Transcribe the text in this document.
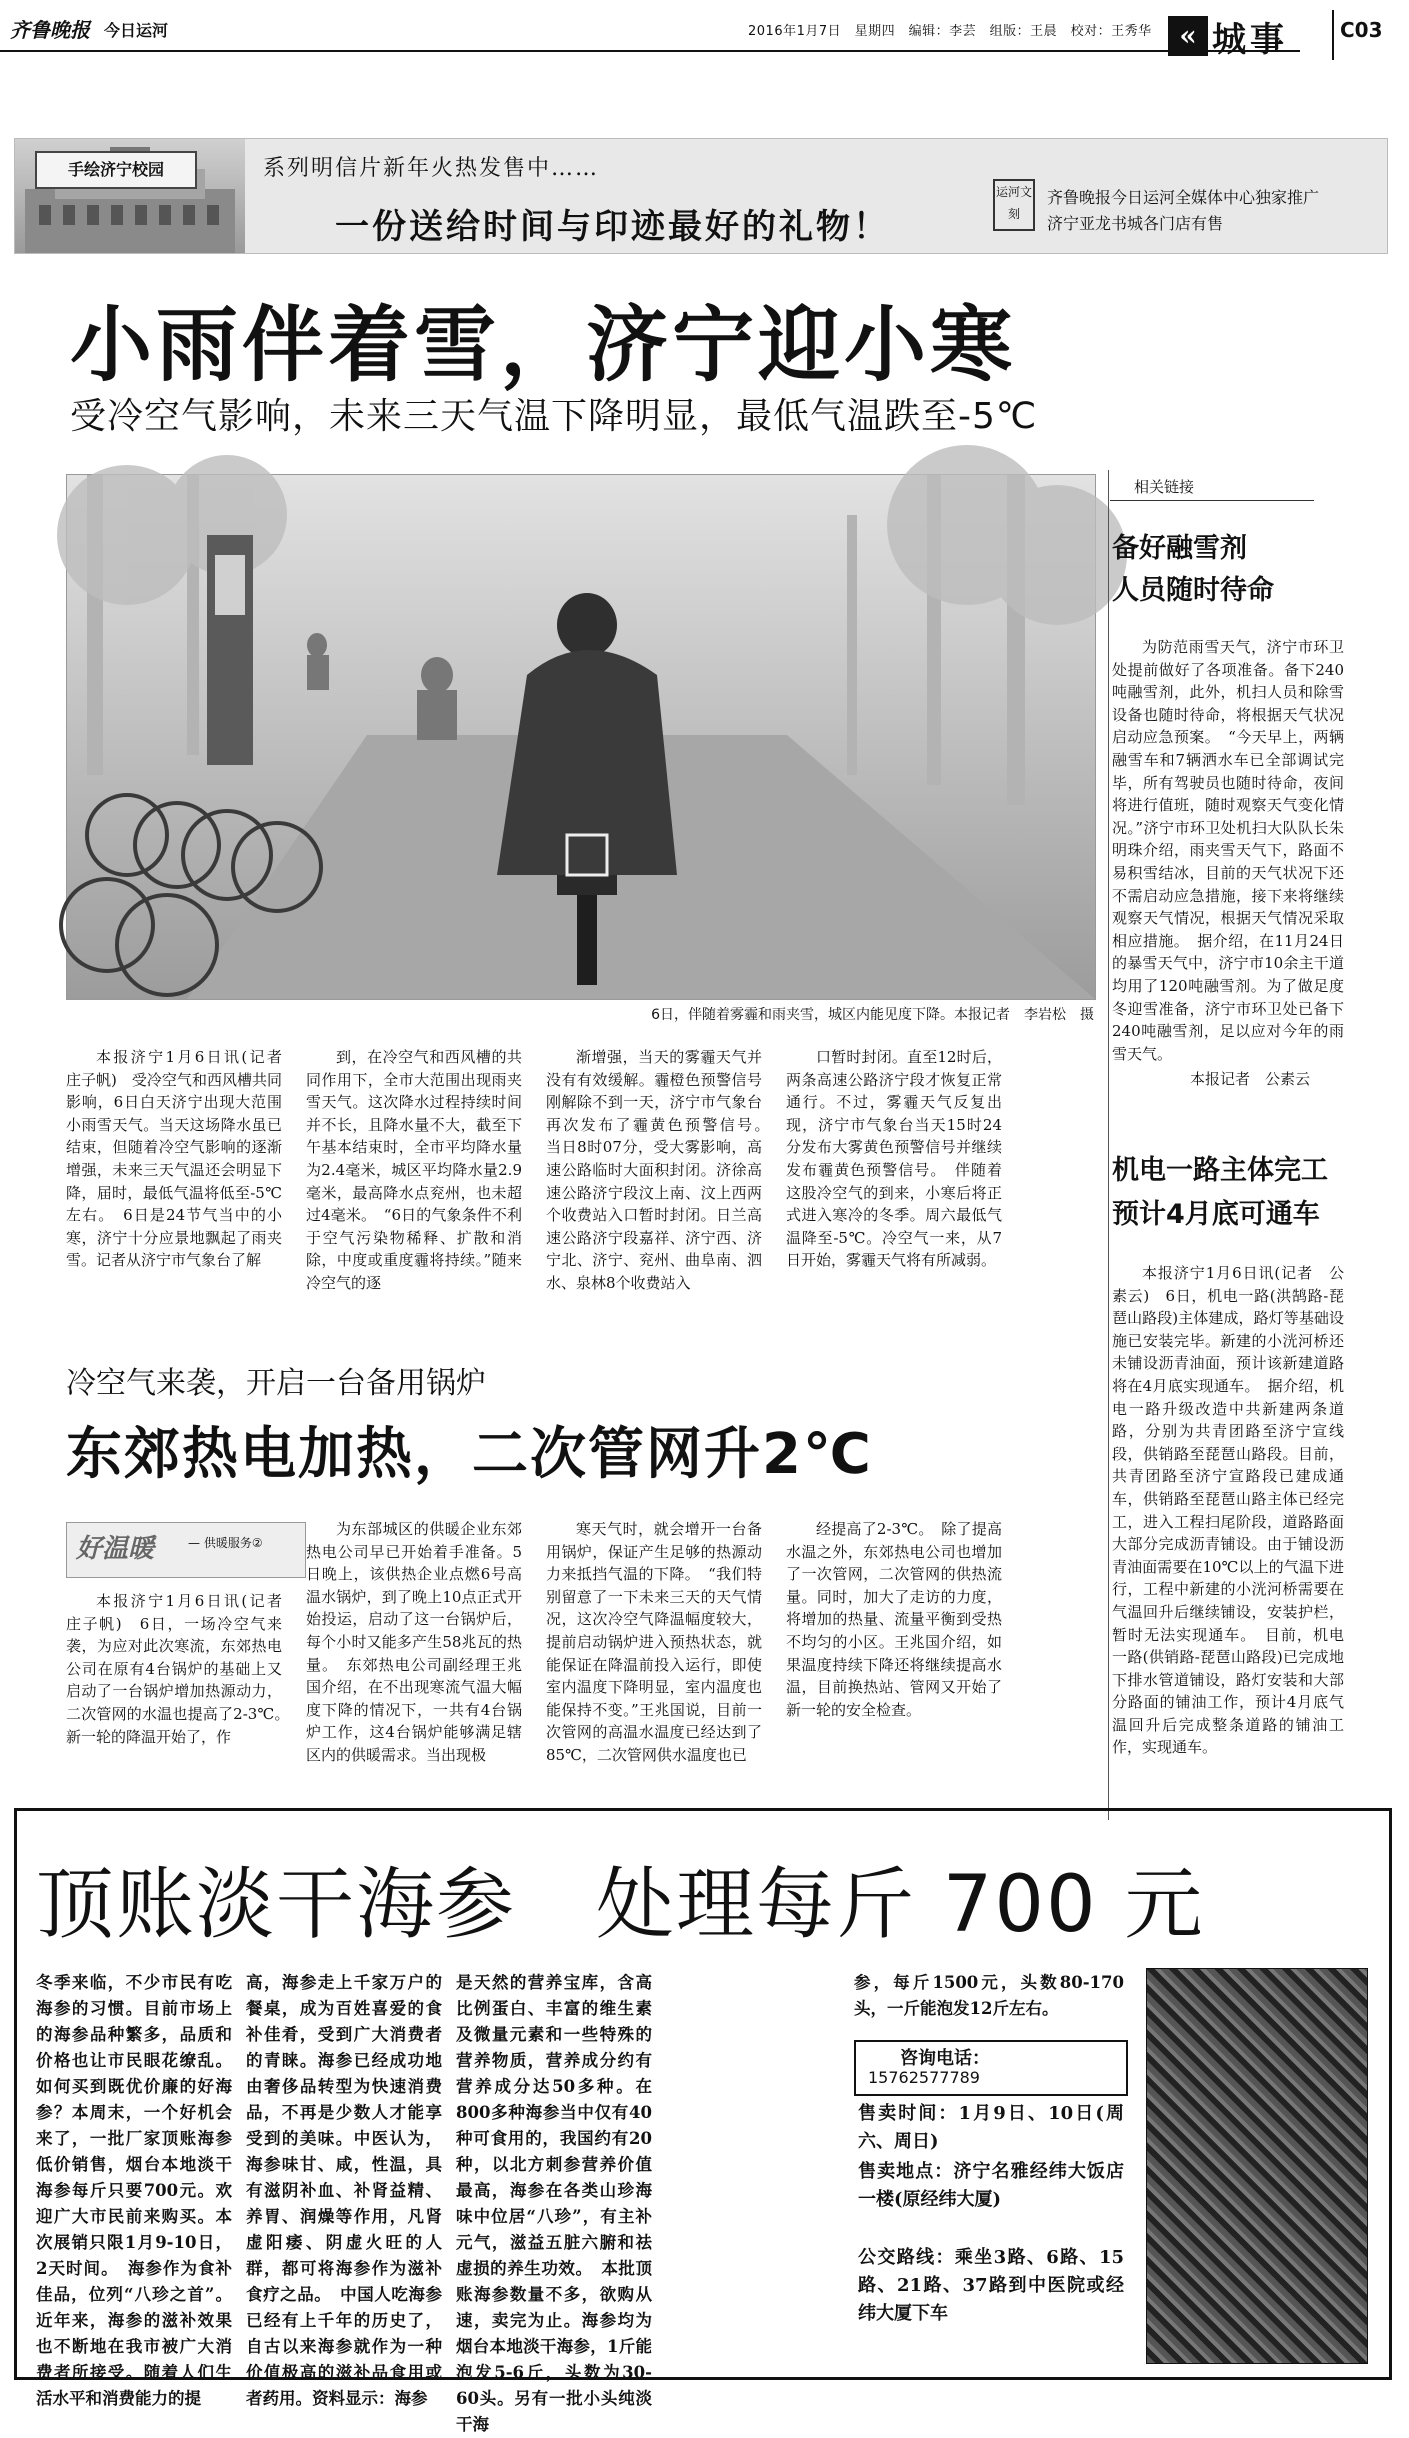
齐鲁晚报 今日运河	2016年1月7日　星期四　编辑：李芸　组版：王晨　校对：王秀华 « 城事	C03
手绘济宁校园	系列明信片新年火热发售中……
一份送给时间与印迹最好的礼物！
运河文刻
齐鲁晚报今日运河全媒体中心独家推广
济宁亚龙书城各门店有售
小雨伴着雪，济宁迎小寒
受冷空气影响，未来三天气温下降明显，最低气温跌至-5℃
6日，伴随着雾霾和雨夹雪，城区内能见度下降。本报记者　李岩松　摄

本报济宁1月6日讯(记者　庄子帆)　受冷空气和西风槽共同影响，6日白天济宁出现大范围小雨雪天气。当天这场降水虽已结束，但随着冷空气影响的逐渐增强，未来三天气温还会明显下降，届时，最低气温将低至-5℃左右。　6日是24节气当中的小寒，济宁十分应景地飘起了雨夹雪。记者从济宁市气象台了解

到，在冷空气和西风槽的共同作用下，全市大范围出现雨夹雪天气。这次降水过程持续时间并不长，且降水量不大，截至下午基本结束时，全市平均降水量为2.4毫米，城区平均降水量2.9毫米，最高降水点兖州，也未超过4毫米。　“6日的气象条件不利于空气污染物稀释、扩散和消除，中度或重度霾将持续。”随来冷空气的逐

渐增强，当天的雾霾天气并没有有效缓解。霾橙色预警信号刚解除不到一天，济宁市气象台再次发布了霾黄色预警信号。　当日8时07分，受大雾影响，高速公路临时大面积封闭。济徐高速公路济宁段汶上南、汶上西两个收费站入口暂时封闭。日兰高速公路济宁段嘉祥、济宁西、济宁北、济宁、兖州、曲阜南、泗水、泉林8个收费站入

口暂时封闭。直至12时后，两条高速公路济宁段才恢复正常通行。不过，雾霾天气反复出现，济宁市气象台当天15时24分发布大雾黄色预警信号并继续发布霾黄色预警信号。　伴随着这股冷空气的到来，小寒后将正式进入寒冷的冬季。周六最低气温降至-5℃。冷空气一来，从7日开始，雾霾天气将有所减弱。

相关链接
备好融雪剂
人员随时待命

为防范雨雪天气，济宁市环卫处提前做好了各项准备。备下240吨融雪剂，此外，机扫人员和除雪设备也随时待命，将根据天气状况启动应急预案。　“今天早上，两辆融雪车和7辆洒水车已全部调试完毕，所有驾驶员也随时待命，夜间将进行值班，随时观察天气变化情况。”济宁市环卫处机扫大队队长朱明珠介绍，雨夹雪天气下，路面不易积雪结冰，目前的天气状况下还不需启动应急措施，接下来将继续观察天气情况，根据天气情况采取相应措施。　据介绍，在11月24日的暴雪天气中，济宁市10余主干道均用了120吨融雪剂。为了做足度冬迎雪准备，济宁市环卫处已备下240吨融雪剂，足以应对今年的雨雪天气。

本报记者　公素云
机电一路主体完工
预计4月底可通车

本报济宁1月6日讯(记者　公素云)　6日，机电一路(洪鹄路-琵琶山路段)主体建成，路灯等基础设施已安装完毕。新建的小洸河桥还未铺设沥青油面，预计该新建道路将在4月底实现通车。　据介绍，机电一路升级改造中共新建两条道路，分别为共青团路至济宁宣线段，供销路至琵琶山路段。目前，共青团路至济宁宣路段已建成通车，供销路至琵琶山路主体已经完工，进入工程扫尾阶段，道路路面大部分完成沥青铺设。由于铺设沥青油面需要在10℃以上的气温下进行，工程中新建的小洸河桥需要在气温回升后继续铺设，安装护栏，暂时无法实现通车。　目前，机电一路(供销路-琵琶山路段)已完成地下排水管道铺设，路灯安装和大部分路面的铺油工作，预计4月底气温回升后完成整条道路的铺油工作，实现通车。

冷空气来袭，开启一台备用锅炉
东郊热电加热，二次管网升2℃
好温暖	— 供暖服务②

本报济宁1月6日讯(记者　庄子帆)　6日，一场冷空气来袭，为应对此次寒流，东郊热电公司在原有4台锅炉的基础上又启动了一台锅炉增加热源动力，二次管网的水温也提高了2-3℃。　新一轮的降温开始了，作

为东部城区的供暖企业东郊热电公司早已开始着手准备。5日晚上，该供热企业点燃6号高温水锅炉，到了晚上10点正式开始投运，启动了这一台锅炉后，每个小时又能多产生58兆瓦的热量。　东郊热电公司副经理王兆国介绍，在不出现寒流气温大幅度下降的情况下，一共有4台锅炉工作，这4台锅炉能够满足辖区内的供暖需求。当出现极

寒天气时，就会增开一台备用锅炉，保证产生足够的热源动力来抵挡气温的下降。　“我们特别留意了一下未来三天的天气情况，这次冷空气降温幅度较大，提前启动锅炉进入预热状态，就能保证在降温前投入运行，即使室内温度下降明显，室内温度也能保持不变。”王兆国说，目前一次管网的高温水温度已经达到了85℃，二次管网供水温度也已

经提高了2-3℃。　除了提高水温之外，东郊热电公司也增加了一次管网，二次管网的供热流量。同时，加大了走访的力度，将增加的热量、流量平衡到受热不均匀的小区。王兆国介绍，如果温度持续下降还将继续提高水温，目前换热站、管网又开始了新一轮的安全检查。

顶账淡干海参　处理每斤 700 元

冬季来临，不少市民有吃海参的习惯。目前市场上的海参品种繁多，品质和价格也让市民眼花缭乱。如何买到既优价廉的好海参？本周末，一个好机会来了，一批厂家顶账海参低价销售，烟台本地淡干海参每斤只要700元。欢迎广大市民前来购买。本次展销只限1月9-10日，2天时间。　海参作为食补佳品，位列“八珍之首”。近年来，海参的滋补效果也不断地在我市被广大消费者所接受。随着人们生活水平和消费能力的提

高，海参走上千家万户的餐桌，成为百姓喜爱的食补佳肴，受到广大消费者的青睐。海参已经成功地由奢侈品转型为快速消费品，不再是少数人才能享受到的美味。中医认为，海参味甘、咸，性温，具有滋阴补血、补肾益精、养胃、润燥等作用，凡肾虚阳痿、阴虚火旺的人群，都可将海参作为滋补食疗之品。　中国人吃海参已经有上千年的历史了，自古以来海参就作为一种价值极高的滋补品食用或者药用。资料显示：海参

是天然的营养宝库，含高比例蛋白、丰富的维生素及微量元素和一些特殊的营养物质，营养成分约有营养成分达50多种。在800多种海参当中仅有40种可食用的，我国约有20种，以北方刺参营养价值最高，海参在各类山珍海味中位居“八珍”，有主补元气，滋益五脏六腑和祛虚损的养生功效。　本批顶账海参数量不多，欲购从速，卖完为止。海参均为烟台本地淡干海参，1斤能泡发5-6斤，头数为30-60头。另有一批小头纯淡干海

参，每斤1500元，头数80-170头，一斤能泡发12斤左右。

咨询电话：
15762577789

售卖时间：1月9日、10日(周六、周日)

售卖地点：济宁名雅经纬大饭店一楼(原经纬大厦)

公交路线：乘坐3路、6路、15路、21路、37路到中医院或经纬大厦下车
